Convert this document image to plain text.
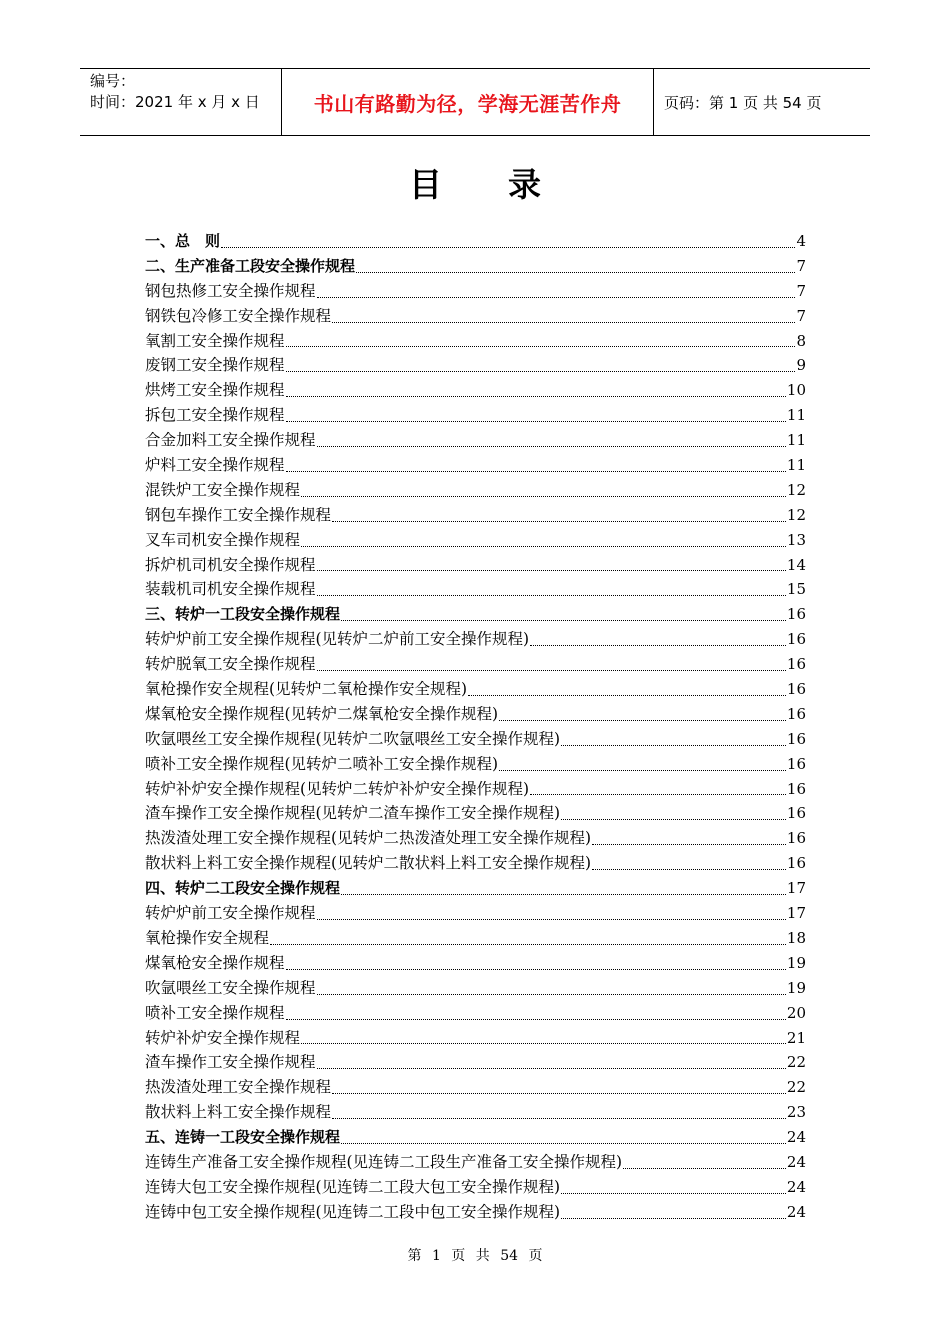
编号：
时间：2021 年 x 月 x 日	书山有路勤为径，学海无涯苦作舟	页码：第 1 页 共 54 页
目　　录
一、总　则	4
二、生产准备工段安全操作规程	7
钢包热修工安全操作规程	7
钢铁包冷修工安全操作规程	7
氧割工安全操作规程	8
废钢工安全操作规程	9
烘烤工安全操作规程	10
拆包工安全操作规程	11
合金加料工安全操作规程	11
炉料工安全操作规程	11
混铁炉工安全操作规程	12
钢包车操作工安全操作规程	12
叉车司机安全操作规程	13
拆炉机司机安全操作规程	14
装载机司机安全操作规程	15
三、转炉一工段安全操作规程	16
转炉炉前工安全操作规程(见转炉二炉前工安全操作规程)	16
转炉脱氧工安全操作规程	16
氧枪操作安全规程(见转炉二氧枪操作安全规程)	16
煤氧枪安全操作规程(见转炉二煤氧枪安全操作规程)	16
吹氩喂丝工安全操作规程(见转炉二吹氩喂丝工安全操作规程)	16
喷补工安全操作规程(见转炉二喷补工安全操作规程)	16
转炉补炉安全操作规程(见转炉二转炉补炉安全操作规程)	16
渣车操作工安全操作规程(见转炉二渣车操作工安全操作规程)	16
热泼渣处理工安全操作规程(见转炉二热泼渣处理工安全操作规程)	16
散状料上料工安全操作规程(见转炉二散状料上料工安全操作规程)	16
四、转炉二工段安全操作规程	17
转炉炉前工安全操作规程	17
氧枪操作安全规程	18
煤氧枪安全操作规程	19
吹氩喂丝工安全操作规程	19
喷补工安全操作规程	20
转炉补炉安全操作规程	21
渣车操作工安全操作规程	22
热泼渣处理工安全操作规程	22
散状料上料工安全操作规程	23
五、连铸一工段安全操作规程	24
连铸生产准备工安全操作规程(见连铸二工段生产准备工安全操作规程)	24
连铸大包工安全操作规程(见连铸二工段大包工安全操作规程)	24
连铸中包工安全操作规程(见连铸二工段中包工安全操作规程)	24
第 1 页 共 54 页
